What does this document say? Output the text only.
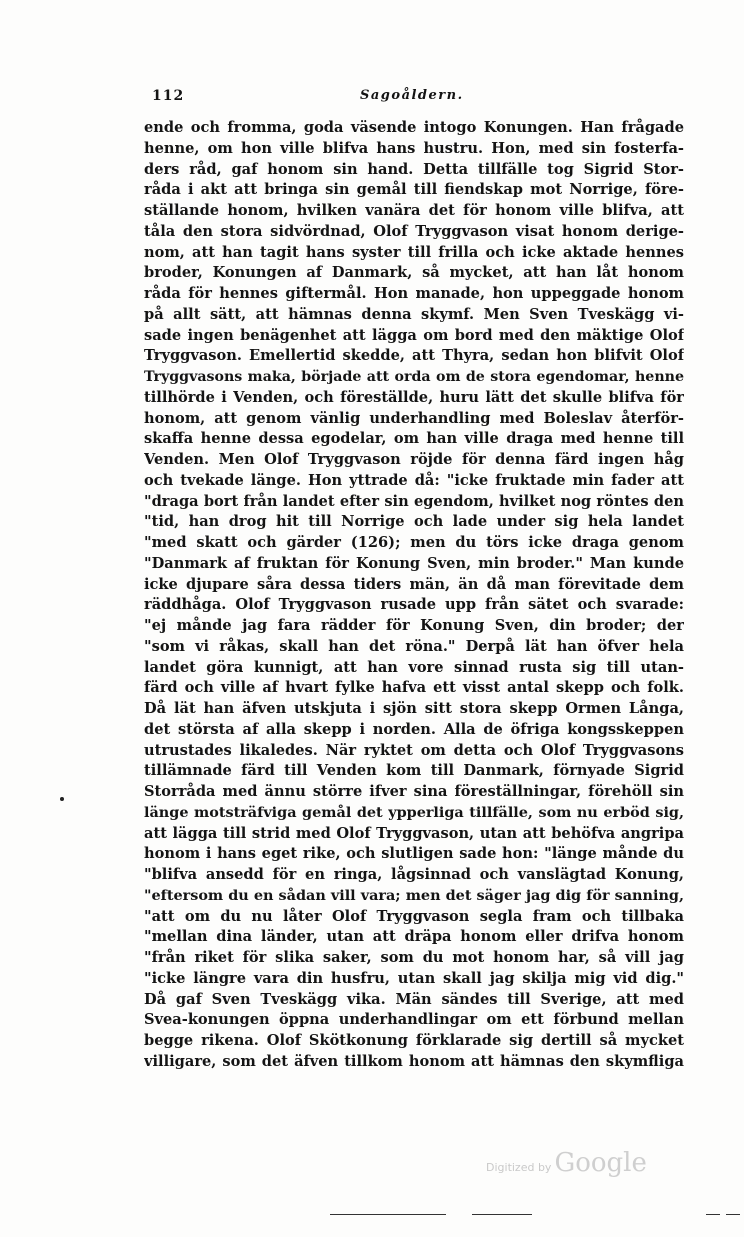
112	Sagoåldern.
ende och fromma, goda väsende intogo Konungen. Han frågade
henne, om hon ville blifva hans hustru. Hon, med sin fosterfa-
ders råd, gaf honom sin hand. Detta tillfälle tog Sigrid Stor-
råda i akt att bringa sin gemål till fiendskap mot Norrige, före-
ställande honom, hvilken vanära det för honom ville blifva, att
tåla den stora sidvördnad, Olof Tryggvason visat honom derige-
nom, att han tagit hans syster till frilla och icke aktade hennes
broder, Konungen af Danmark, så mycket, att han låt honom
råda för hennes giftermål. Hon manade, hon uppeggade honom
på allt sätt, att hämnas denna skymf. Men Sven Tveskägg vi-
sade ingen benägenhet att lägga om bord med den mäktige Olof
Tryggvason. Emellertid skedde, att Thyra, sedan hon blifvit Olof
Tryggvasons maka, började att orda om de stora egendomar, henne
tillhörde i Venden, och föreställde, huru lätt det skulle blifva för
honom, att genom vänlig underhandling med Boleslav återför-
skaffa henne dessa egodelar, om han ville draga med henne till
Venden. Men Olof Tryggvason röjde för denna färd ingen håg
och tvekade länge. Hon yttrade då: "icke fruktade min fader att
"draga bort från landet efter sin egendom, hvilket nog röntes den
"tid, han drog hit till Norrige och lade under sig hela landet
"med skatt och gärder (126); men du törs icke draga genom
"Danmark af fruktan för Konung Sven, min broder." Man kunde
icke djupare såra dessa tiders män, än då man förevitade dem
räddhåga. Olof Tryggvason rusade upp från sätet och svarade:
"ej månde jag fara rädder för Konung Sven, din broder; der
"som vi råkas, skall han det röna." Derpå lät han öfver hela
landet göra kunnigt, att han vore sinnad rusta sig till utan-
färd och ville af hvart fylke hafva ett visst antal skepp och folk.
Då lät han äfven utskjuta i sjön sitt stora skepp Ormen Långa,
det största af alla skepp i norden. Alla de öfriga kongsskeppen
utrustades likaledes. När ryktet om detta och Olof Tryggvasons
tillämnade färd till Venden kom till Danmark, förnyade Sigrid
Storråda med ännu större ifver sina föreställningar, förehöll sin
länge motsträfviga gemål det ypperliga tillfälle, som nu erböd sig,
att lägga till strid med Olof Tryggvason, utan att behöfva angripa
honom i hans eget rike, och slutligen sade hon: "länge månde du
"blifva ansedd för en ringa, lågsinnad och vanslägtad Konung,
"eftersom du en sådan vill vara; men det säger jag dig för sanning,
"att om du nu låter Olof Tryggvason segla fram och tillbaka
"mellan dina länder, utan att dräpa honom eller drifva honom
"från riket för slika saker, som du mot honom har, så vill jag
"icke längre vara din husfru, utan skall jag skilja mig vid dig."
Då gaf Sven Tveskägg vika. Män sändes till Sverige, att med
Svea-konungen öppna underhandlingar om ett förbund mellan
begge rikena. Olof Skötkonung förklarade sig dertill så mycket
villigare, som det äfven tillkom honom att hämnas den skymfliga
Digitized by Google
